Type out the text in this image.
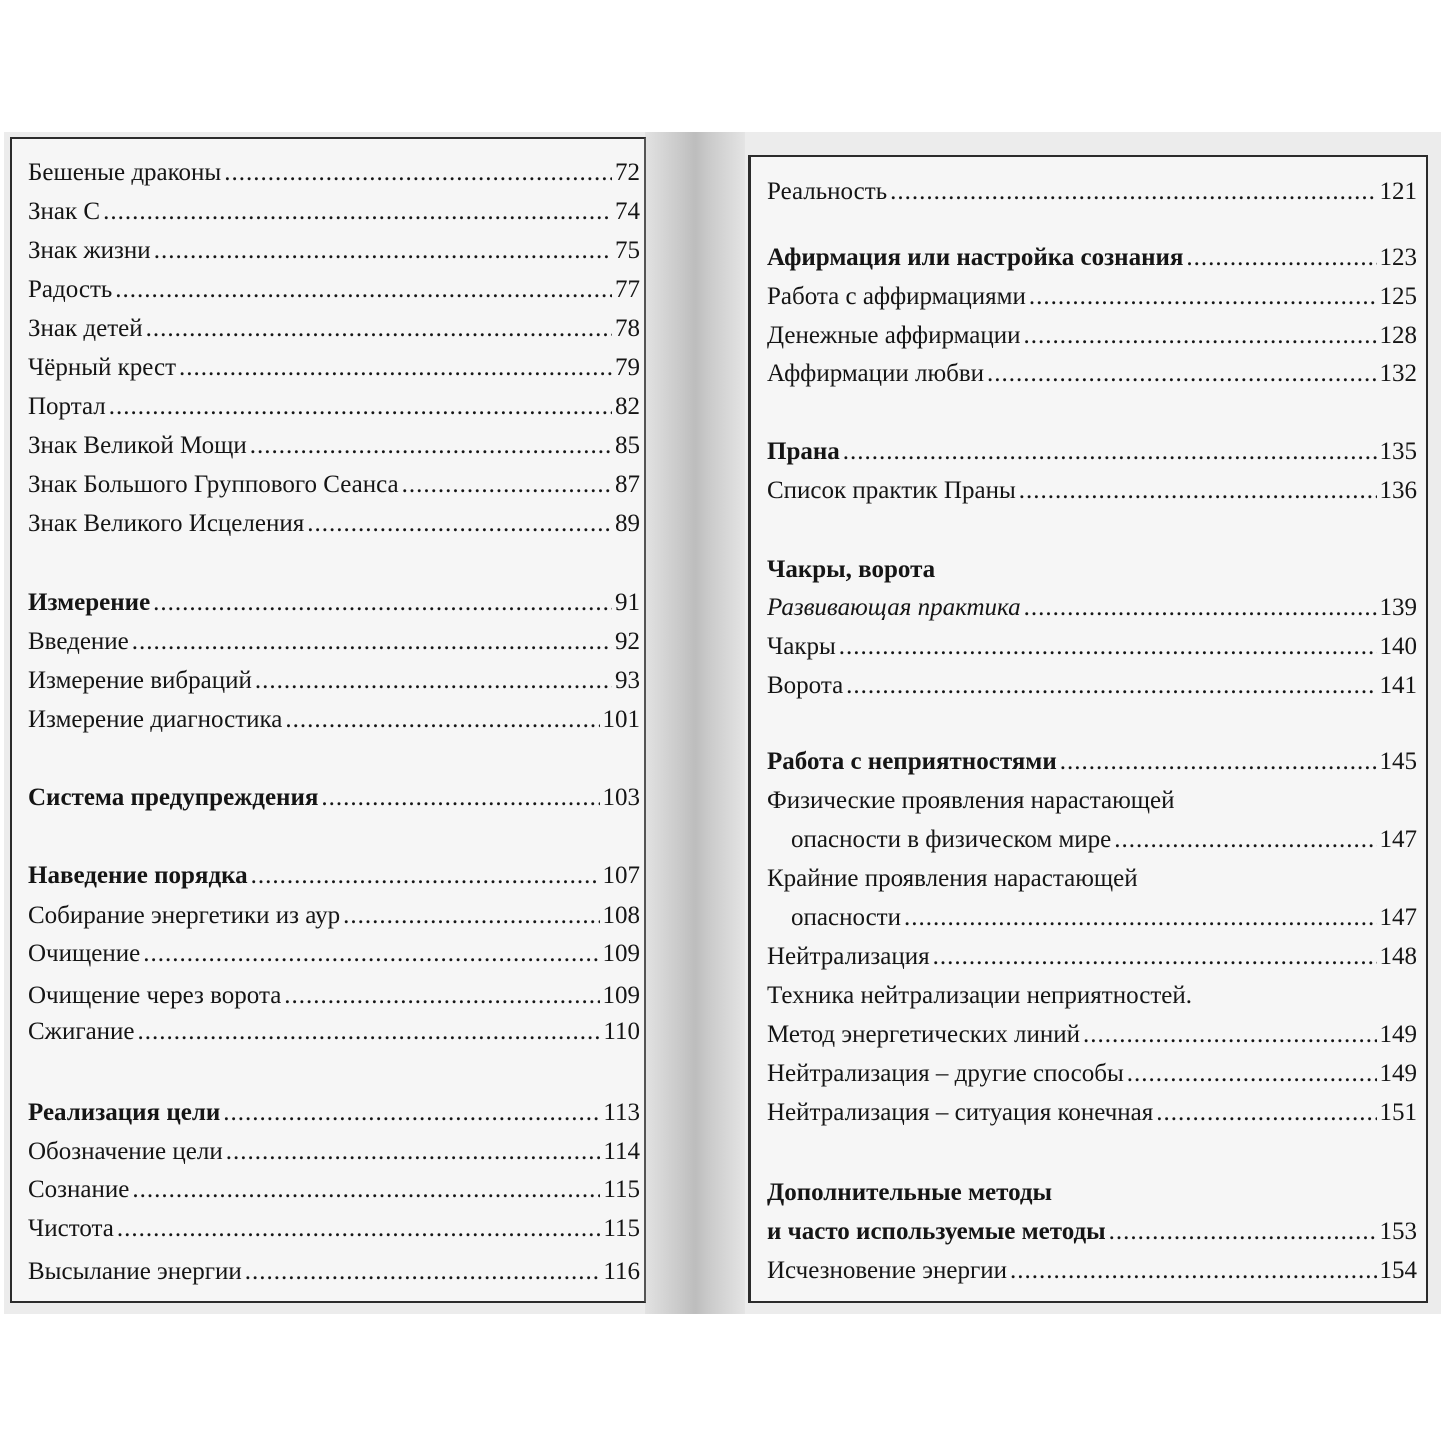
Бешеные драконы .....	72
Знак С .....	74
Знак жизни .....	75
Радость .....	77
Знак детей .....	78
Чёрный крест .....	79
Портал .....	82
Знак Великой Мощи .....	85
Знак Большого Группового Сеанса .....	87
Знак Великого Исцеления .....	89
Измерение .....	91
Введение .....	92
Измерение вибраций .....	93
Измерение диагностика .....	101
Система предупреждения .....	103
Наведение порядка .....	107
Собирание энергетики из аур .....	108
Очищение .....	109
Очищение через ворота .....	109
Сжигание .....	110
Реализация цели .....	113
Обозначение цели .....	114
Сознание .....	115
Чистота .....	115
Высылание энергии .....	116
Реальность .....	121
Афирмация или настройка сознания .....	123
Работа с аффирмациями .....	125
Денежные аффирмации .....	128
Аффирмации любви .....	132
Прана .....	135
Список практик Праны .....	136
Чакры, ворота
Развивающая практика .....	139
Чакры .....	140
Ворота .....	141
Работа с неприятностями .....	145
Физические проявления нарастающей
опасности в физическом мире .....	147
Крайние проявления нарастающей
опасности .....	147
Нейтрализация .....	148
Техника нейтрализации неприятностей.
Метод энергетических линий .....	149
Нейтрализация – другие способы .....	149
Нейтрализация – ситуация конечная .....	151
Дополнительные методы
и часто используемые методы .....	153
Исчезновение энергии .....	154
